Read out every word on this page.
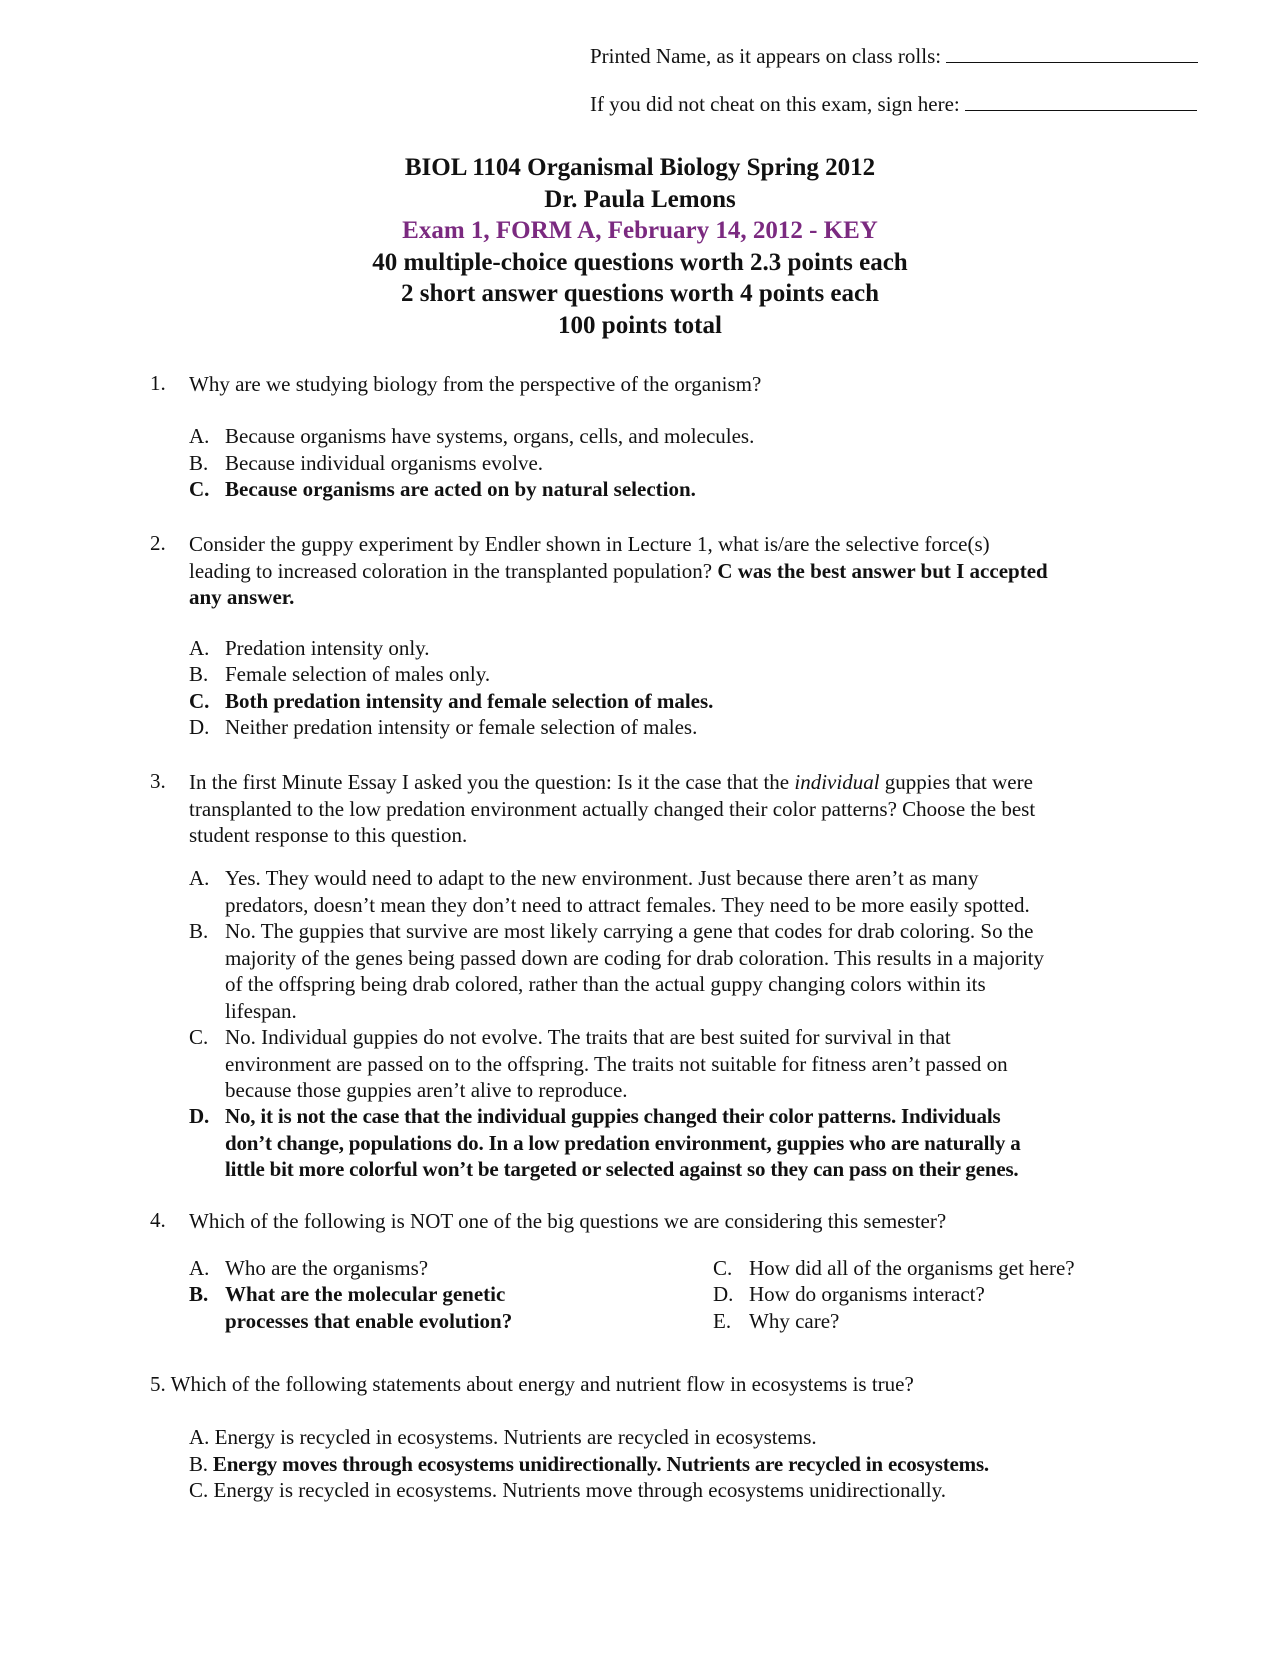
Printed Name, as it appears on class rolls:
If you did not cheat on this exam, sign here:
BIOL 1104 Organismal Biology Spring 2012
Dr. Paula Lemons
Exam 1, FORM A, February 14, 2012 - KEY
40 multiple-choice questions worth 2.3 points each
2 short answer questions worth 4 points each
100 points total
1. Why are we studying biology from the perspective of the organism?
A. Because organisms have systems, organs, cells, and molecules.
B. Because individual organisms evolve.
C. Because organisms are acted on by natural selection.
2. Consider the guppy experiment by Endler shown in Lecture 1, what is/are the selective force(s)
leading to increased coloration in the transplanted population? C was the best answer but I accepted
any answer.
A. Predation intensity only.
B. Female selection of males only.
C. Both predation intensity and female selection of males.
D. Neither predation intensity or female selection of males.
3. In the first Minute Essay I asked you the question: Is it the case that the individual guppies that were
transplanted to the low predation environment actually changed their color patterns? Choose the best
student response to this question.
A. Yes. They would need to adapt to the new environment. Just because there aren’t as many
predators, doesn’t mean they don’t need to attract females. They need to be more easily spotted.
B. No. The guppies that survive are most likely carrying a gene that codes for drab coloring. So the
majority of the genes being passed down are coding for drab coloration. This results in a majority
of the offspring being drab colored, rather than the actual guppy changing colors within its
lifespan.
C. No. Individual guppies do not evolve. The traits that are best suited for survival in that
environment are passed on to the offspring. The traits not suitable for fitness aren’t passed on
because those guppies aren’t alive to reproduce.
D. No, it is not the case that the individual guppies changed their color patterns. Individuals
don’t change, populations do. In a low predation environment, guppies who are naturally a
little bit more colorful won’t be targeted or selected against so they can pass on their genes.
4. Which of the following is NOT one of the big questions we are considering this semester?
A. Who are the organisms?
B. What are the molecular genetic
processes that enable evolution?
C. How did all of the organisms get here?
D. How do organisms interact?
E. Why care?
5. Which of the following statements about energy and nutrient flow in ecosystems is true?
A. Energy is recycled in ecosystems. Nutrients are recycled in ecosystems.
B. Energy moves through ecosystems unidirectionally. Nutrients are recycled in ecosystems.
C. Energy is recycled in ecosystems. Nutrients move through ecosystems unidirectionally.
